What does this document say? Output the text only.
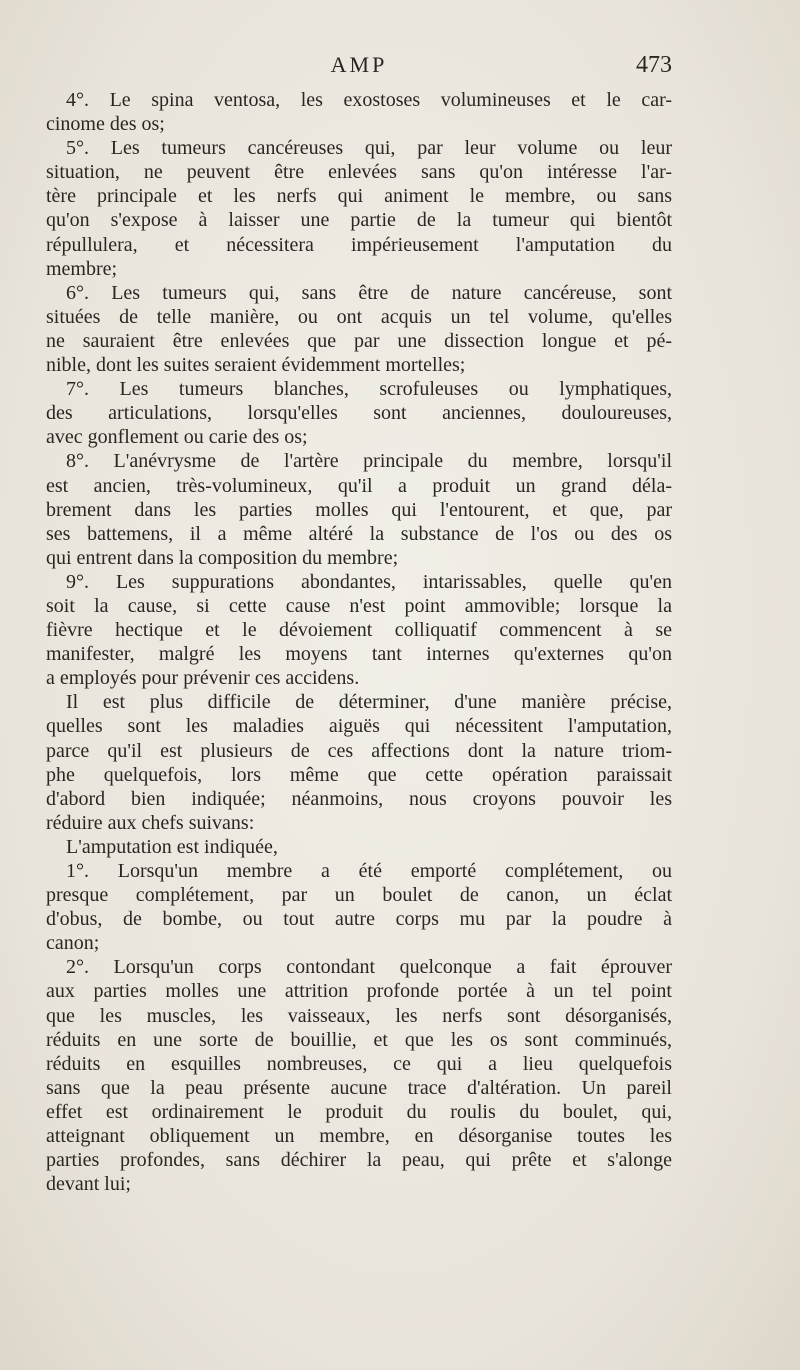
AMP	473
4°. Le spina ventosa, les exostoses volumineuses et le car-
cinome des os;
5°. Les tumeurs cancéreuses qui, par leur volume ou leur
situation, ne peuvent être enlevées sans qu'on intéresse l'ar-
tère principale et les nerfs qui animent le membre, ou sans
qu'on s'expose à laisser une partie de la tumeur qui bientôt
répullulera, et nécessitera impérieusement l'amputation du
membre;
6°. Les tumeurs qui, sans être de nature cancéreuse, sont
situées de telle manière, ou ont acquis un tel volume, qu'elles
ne sauraient être enlevées que par une dissection longue et pé-
nible, dont les suites seraient évidemment mortelles;
7°. Les tumeurs blanches, scrofuleuses ou lymphatiques,
des articulations, lorsqu'elles sont anciennes, douloureuses,
avec gonflement ou carie des os;
8°. L'anévrysme de l'artère principale du membre, lorsqu'il
est ancien, très-volumineux, qu'il a produit un grand déla-
brement dans les parties molles qui l'entourent, et que, par
ses battemens, il a même altéré la substance de l'os ou des os
qui entrent dans la composition du membre;
9°. Les suppurations abondantes, intarissables, quelle qu'en
soit la cause, si cette cause n'est point ammovible; lorsque la
fièvre hectique et le dévoiement colliquatif commencent à se
manifester, malgré les moyens tant internes qu'externes qu'on
a employés pour prévenir ces accidens.
Il est plus difficile de déterminer, d'une manière précise,
quelles sont les maladies aiguës qui nécessitent l'amputation,
parce qu'il est plusieurs de ces affections dont la nature triom-
phe quelquefois, lors même que cette opération paraissait
d'abord bien indiquée; néanmoins, nous croyons pouvoir les
réduire aux chefs suivans:
L'amputation est indiquée,
1°. Lorsqu'un membre a été emporté complétement, ou
presque complétement, par un boulet de canon, un éclat
d'obus, de bombe, ou tout autre corps mu par la poudre à
canon;
2°. Lorsqu'un corps contondant quelconque a fait éprouver
aux parties molles une attrition profonde portée à un tel point
que les muscles, les vaisseaux, les nerfs sont désorganisés,
réduits en une sorte de bouillie, et que les os sont comminués,
réduits en esquilles nombreuses, ce qui a lieu quelquefois
sans que la peau présente aucune trace d'altération. Un pareil
effet est ordinairement le produit du roulis du boulet, qui,
atteignant obliquement un membre, en désorganise toutes les
parties profondes, sans déchirer la peau, qui prête et s'alonge
devant lui;
